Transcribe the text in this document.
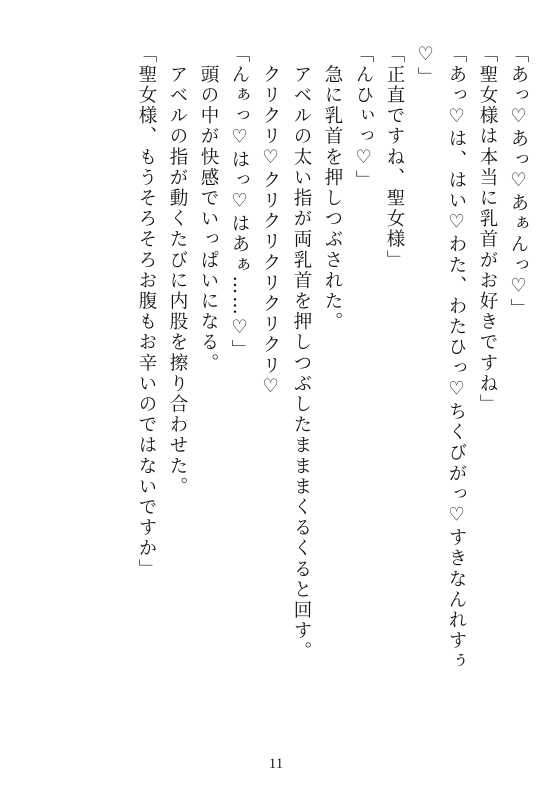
「あっ♡あっ♡あぁんっ♡」

「聖女様は本当に乳首がお好きですね」

「あっ♡は、はい♡わた、わたひっ♡ちくびがっ♡すきなんれすぅ

♡」

「正直ですね、聖女様」

「んひぃっ♡」

　急に乳首を押しつぶされた。

　アベルの太い指が両乳首を押しつぶしたまままくるくると回す。

　クリクリ♡クリクリクリクリクリ♡

「んぁっ♡はっ♡はあぁ……♡」

　頭の中が快感でいっぱいになる。

　アベルの指が動くたびに内股を擦り合わせた。

「聖女様、もうそろそろお腹もお辛いのではないですか」

11
